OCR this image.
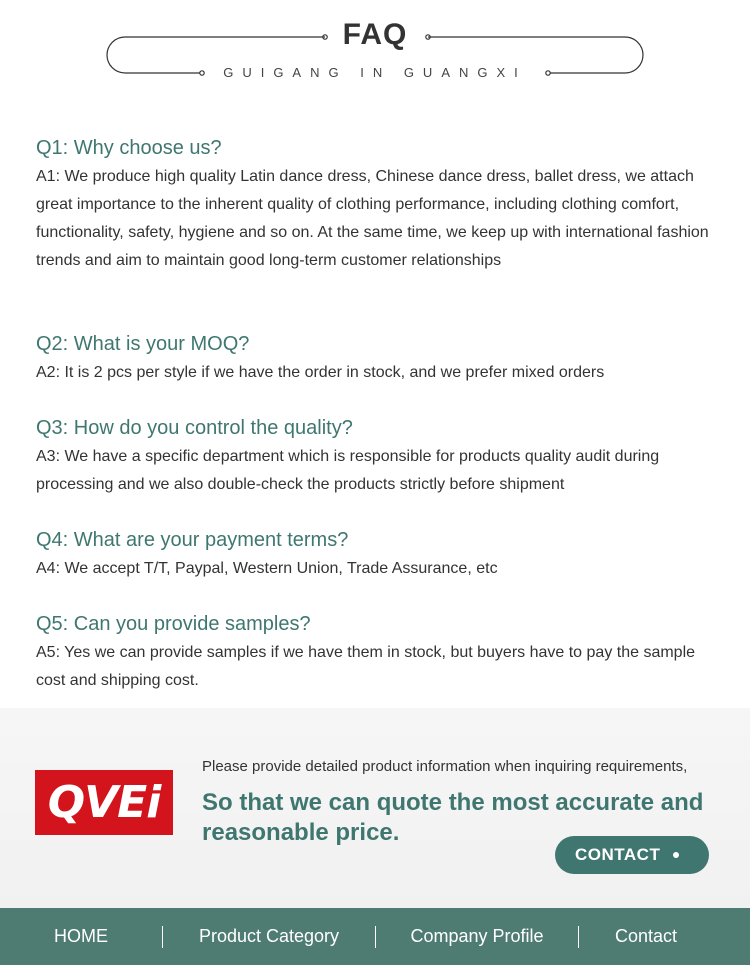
FAQ
GUIGANG IN GUANGXI

Q1: Why choose us?

A1: We produce high quality Latin dance dress, Chinese dance dress, ballet dress, we attach great importance to the inherent quality of clothing performance, including clothing comfort, functionality, safety, hygiene and so on. At the same time, we keep up with international fashion trends and aim to maintain good long-term customer relationships

Q2: What is your MOQ?

A2: It is 2 pcs per style if we have the order in stock, and we prefer mixed orders

Q3: How do you control the quality?

A3: We have a specific department which is responsible for products quality audit during processing and we also double-check the products strictly before shipment

Q4: What are your payment terms?

A4: We accept T/T, Paypal, Western Union, Trade Assurance, etc

Q5: Can you provide samples?

A5: Yes we can provide samples if we have them in stock, but buyers have to pay the sample cost and shipping cost.

QVEi
Please provide detailed product information when inquiring requirements,
So that we can quote the most accurate and reasonable price.
CONTACT
HOME	Product Category	Company Profile	Contact
